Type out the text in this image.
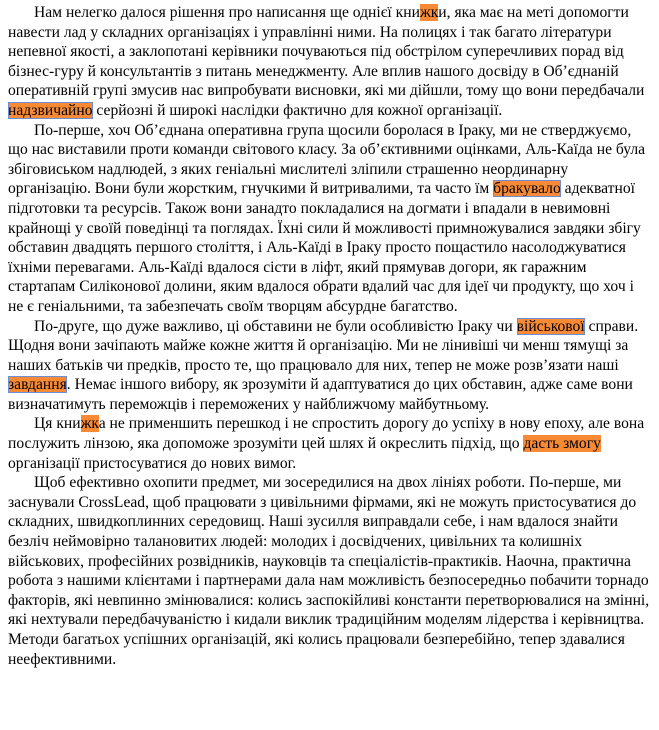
Нам нелегко далося рішення про написання ще однієї книжки, яка має на меті допомогти навести лад у складних організаціях і управлінні ними. На полицях і так багато літератури непевної якості, а заклопотані керівники почуваються під обстрілом суперечливих порад від бізнес-гуру й консультантів з питань менеджменту. Але вплив нашого досвіду в Об’єднаній оперативній групі змусив нас випробувати висновки, які ми дійшли, тому що вони передбачали надзвичайно серйозні й широкі наслідки фактично для кожної організації.

По-перше, хоч Об’єднана оперативна група щосили боролася в Іраку, ми не стверджуємо, що нас виставили проти команди світового класу. За об’єктивними оцінками, Аль-Каїда не була збіговиськом надлюдей, з яких геніальні мислителі зліпили страшенно неординарну організацію. Вони були жорстким, гнучкими й витривалими, та часто їм бракувало адекватної підготовки та ресурсів. Також вони занадто покладалися на догмати і впадали в невимовні крайнощі у своїй поведінці та поглядах. Їхні сили й можливості примножувалися завдяки збігу обставин двадцять першого століття, і Аль-Каїді в Іраку просто пощастило насолоджуватися їхніми перевагами. Аль-Каїді вдалося сісти в ліфт, який прямував догори, як гаражним стартапам Силіконової долини, яким вдалося обрати вдалий час для ідеї чи продукту, що хоч і не є геніальними, та забезпечать своїм творцям абсурдне багатство.

По-друге, що дуже важливо, ці обставини не були особливістю Іраку чи військової справи. Щодня вони зачіпають майже кожне життя й організацію. Ми не лінивіші чи менш тямущі за наших батьків чи предків, просто те, що працювало для них, тепер не може розв’язати наші завдання. Немає іншого вибору, як зрозуміти й адаптуватися до цих обставин, адже саме вони визначатимуть переможців і переможених у найближчому майбутньому.

Ця книжка не применшить перешкод і не спростить дорогу до успіху в нову епоху, але вона послужить лінзою, яка допоможе зрозуміти цей шлях й окреслить підхід, що дасть змогу організації пристосуватися до нових вимог.

Щоб ефективно охопити предмет, ми зосередилися на двох лініях роботи. По-перше, ми заснували CrossLead, щоб працювати з цивільними фірмами, які не можуть пристосуватися до складних, швидкоплинних середовищ. Наші зусилля виправдали себе, і нам вдалося знайти безліч неймовірно талановитих людей: молодих і досвідчених, цивільних та колишніх військових, професійних розвідників, науковців та спеціалістів-практиків. Наочна, практична робота з нашими клієнтами і партнерами дала нам можливість безпосередньо побачити торнадо факторів, які невпинно змінювалися: колись заспокійливі константи перетворювалися на змінні, які нехтували передбачуваністю і кидали виклик традиційним моделям лідерства і керівництва. Методи багатьох успішних організацій, які колись працювали безперебійно, тепер здавалися неефективними.
